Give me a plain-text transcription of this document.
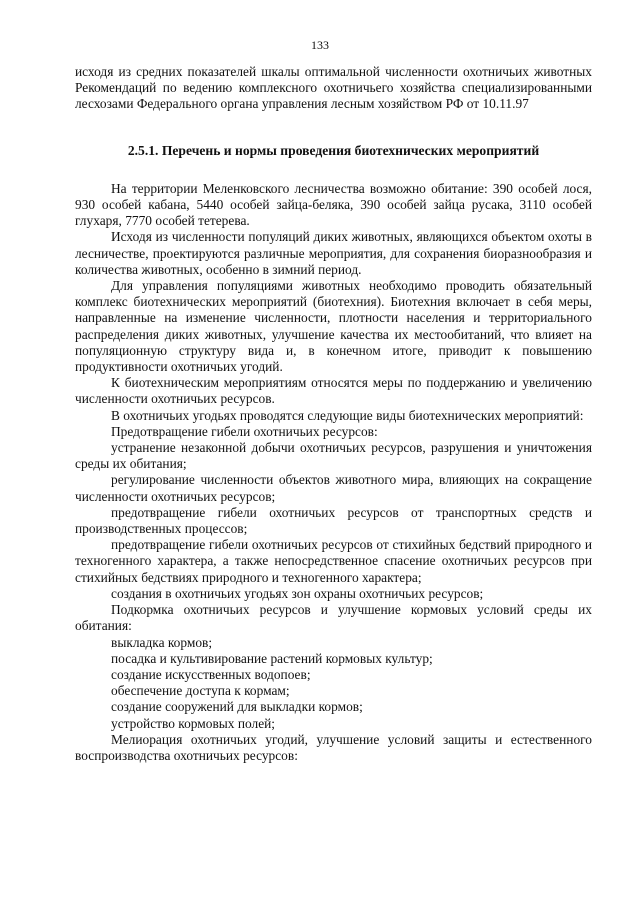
133

исходя из средних показателей шкалы оптимальной численности охотничьих животных Рекомендаций по ведению комплексного охотничьего хозяйства специализированными лесхозами Федерального органа управления лесным хозяйством РФ от 10.11.97

2.5.1. Перечень и нормы проведения биотехнических мероприятий

На территории Меленковского лесничества возможно обитание: 390 особей лося, 930 особей кабана, 5440 особей зайца-беляка, 390 особей зайца русака, 3110 особей глухаря, 7770 особей тетерева.

Исходя из численности популяций диких животных, являющихся объектом охоты в лесничестве, проектируются различные мероприятия, для сохранения биоразнообразия и количества животных, особенно в зимний период.

Для управления популяциями животных необходимо проводить обязательный комплекс биотехнических мероприятий (биотехния). Биотехния включает в себя меры, направленные на изменение численности, плотности населения и территориального распределения диких животных, улучшение качества их местообитаний, что влияет на популяционную структуру вида и, в конечном итоге, приводит к повышению продуктивности охотничьих угодий.

К биотехническим мероприятиям относятся меры по поддержанию и увеличению численности охотничьих ресурсов.

В охотничьих угодьях проводятся следующие виды биотехнических мероприятий:

Предотвращение гибели охотничьих ресурсов:

устранение незаконной добычи охотничьих ресурсов, разрушения и уничтожения среды их обитания;

регулирование численности объектов животного мира, влияющих на сокращение численности охотничьих ресурсов;

предотвращение гибели охотничьих ресурсов от транспортных средств и производственных процессов;

предотвращение гибели охотничьих ресурсов от стихийных бедствий природного и техногенного характера, а также непосредственное спасение охотничьих ресурсов при стихийных бедствиях природного и техногенного характера;

создания в охотничьих угодьях зон охраны охотничьих ресурсов;

Подкормка охотничьих ресурсов и улучшение кормовых условий среды их обитания:

выкладка кормов;

посадка и культивирование растений кормовых культур;

создание искусственных водопоев;

обеспечение доступа к кормам;

создание сооружений для выкладки кормов;

устройство кормовых полей;

Мелиорация охотничьих угодий, улучшение условий защиты и естественного воспроизводства охотничьих ресурсов:
